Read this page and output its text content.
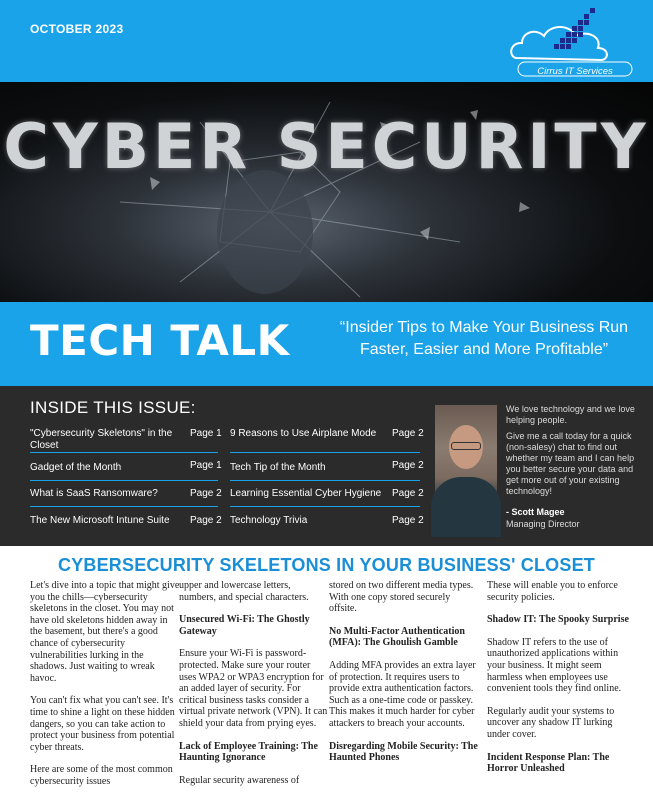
OCTOBER 2023
Cirrus IT Services
CYBER SECURITY
TECH TALK	“Insider Tips to Make Your Business Run
Faster, Easier and More Profitable”
INSIDE THIS ISSUE:
"Cybersecurity Skeletons" in the Closet
Page 1
Gadget of the Month	Page 1
What is SaaS Ransomware?	Page 2
The New Microsoft Intune Suite	Page 2
9 Reasons to Use Airplane Mode	Page 2
Tech Tip of the Month	Page 2
Learning Essential Cyber Hygiene	Page 2
Technology Trivia	Page 2
We love technology and we love helping people.
Give me a call today for a quick (non-salesy) chat to find out whether my team and I can help you better secure your data and get more out of your existing technology!
- Scott Magee
Managing Director
CYBERSECURITY SKELETONS IN YOUR BUSINESS' CLOSET

Let's dive into a topic that might give you the chills—cybersecurity skeletons in the closet. You may not have old skeletons hidden away in the basement, but there's a good chance of cybersecurity vulnerabilities lurking in the shadows. Just waiting to wreak havoc.

You can't fix what you can't see. It's time to shine a light on these hidden dangers, so you can take action to protect your business from potential cyber threats.

Here are some of the most common cybersecurity issues

upper and lowercase letters, numbers, and special characters.

Unsecured Wi-Fi: The Ghostly Gateway

Ensure your Wi-Fi is password-protected. Make sure your router uses WPA2 or WPA3 encryption for an added layer of security. For critical business tasks consider a virtual private network (VPN). It can shield your data from prying eyes.

Lack of Employee Training: The Haunting Ignorance

Regular security awareness of

stored on two different media types. With one copy stored securely offsite.

No Multi-Factor Authentication (MFA): The Ghoulish Gamble

Adding MFA provides an extra layer of protection. It requires users to provide extra authentication factors. Such as a one-time code or passkey. This makes it much harder for cyber attackers to breach your accounts.

Disregarding Mobile Security: The Haunted Phones

These will enable you to enforce security policies.

Shadow IT: The Spooky Surprise

Shadow IT refers to the use of unauthorized applications within your business. It might seem harmless when employees use convenient tools they find online.

Regularly audit your systems to uncover any shadow IT lurking under cover.

Incident Response Plan: The Horror Unleashed
